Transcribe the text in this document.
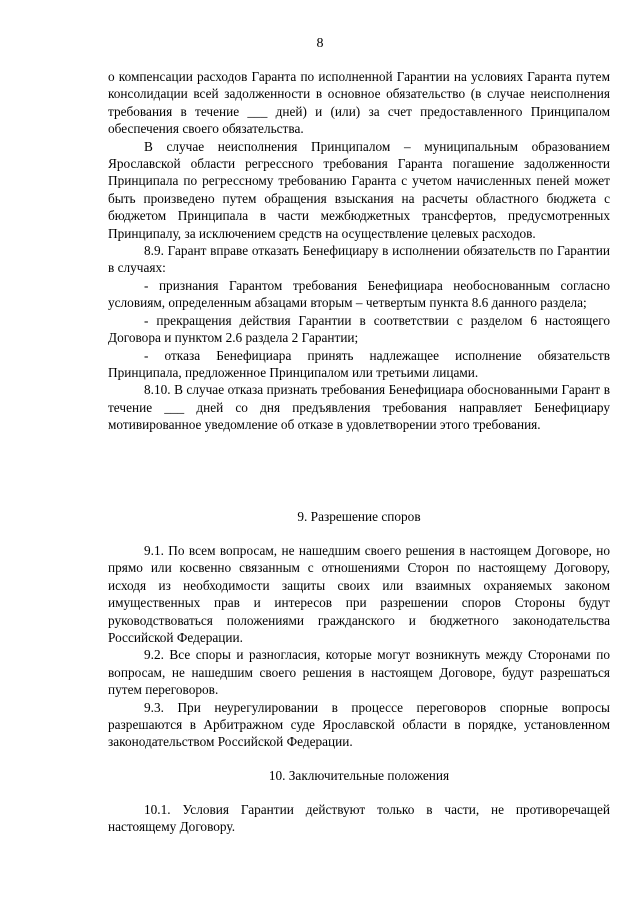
8

о компенсации расходов Гаранта по исполненной Гарантии на условиях Гаранта путем консолидации всей задолженности в основное обязательство (в случае неисполнения требования в течение ___ дней) и (или) за счет предоставленного Принципалом обеспечения своего обязательства.

В случае неисполнения Принципалом – муниципальным образованием Ярославской области регрессного требования Гаранта погашение задолженности Принципала по регрессному требованию Гаранта с учетом начисленных пеней может быть произведено путем обращения взыскания на расчеты областного бюджета с бюджетом Принципала в части межбюджетных трансфертов, предусмотренных Принципалу, за исключением средств на осуществление целевых расходов.

8.9. Гарант вправе отказать Бенефициару в исполнении обязательств по Гарантии в случаях:

- признания Гарантом требования Бенефициара необоснованным согласно условиям, определенным абзацами вторым – четвертым пункта 8.6 данного раздела;

- прекращения действия Гарантии в соответствии с разделом 6 настоящего Договора и пунктом 2.6 раздела 2 Гарантии;

- отказа Бенефициара принять надлежащее исполнение обязательств Принципала, предложенное Принципалом или третьими лицами.

8.10. В случае отказа признать требования Бенефициара обоснованными Гарант в течение ___ дней со дня предъявления требования направляет Бенефициару мотивированное уведомление об отказе в удовлетворении этого требования.

9. Разрешение споров

9.1. По всем вопросам, не нашедшим своего решения в настоящем Договоре, но прямо или косвенно связанным с отношениями Сторон по настоящему Договору, исходя из необходимости защиты своих или взаимных охраняемых законом имущественных прав и интересов при разрешении споров Стороны будут руководствоваться положениями гражданского и бюджетного законодательства Российской Федерации.

9.2. Все споры и разногласия, которые могут возникнуть между Сторонами по вопросам, не нашедшим своего решения в настоящем Договоре, будут разрешаться путем переговоров.

9.3. При неурегулировании в процессе переговоров спорные вопросы разрешаются в Арбитражном суде Ярославской области в порядке, установленном законодательством Российской Федерации.

10. Заключительные положения

10.1. Условия Гарантии действуют только в части, не противоречащей настоящему Договору.
